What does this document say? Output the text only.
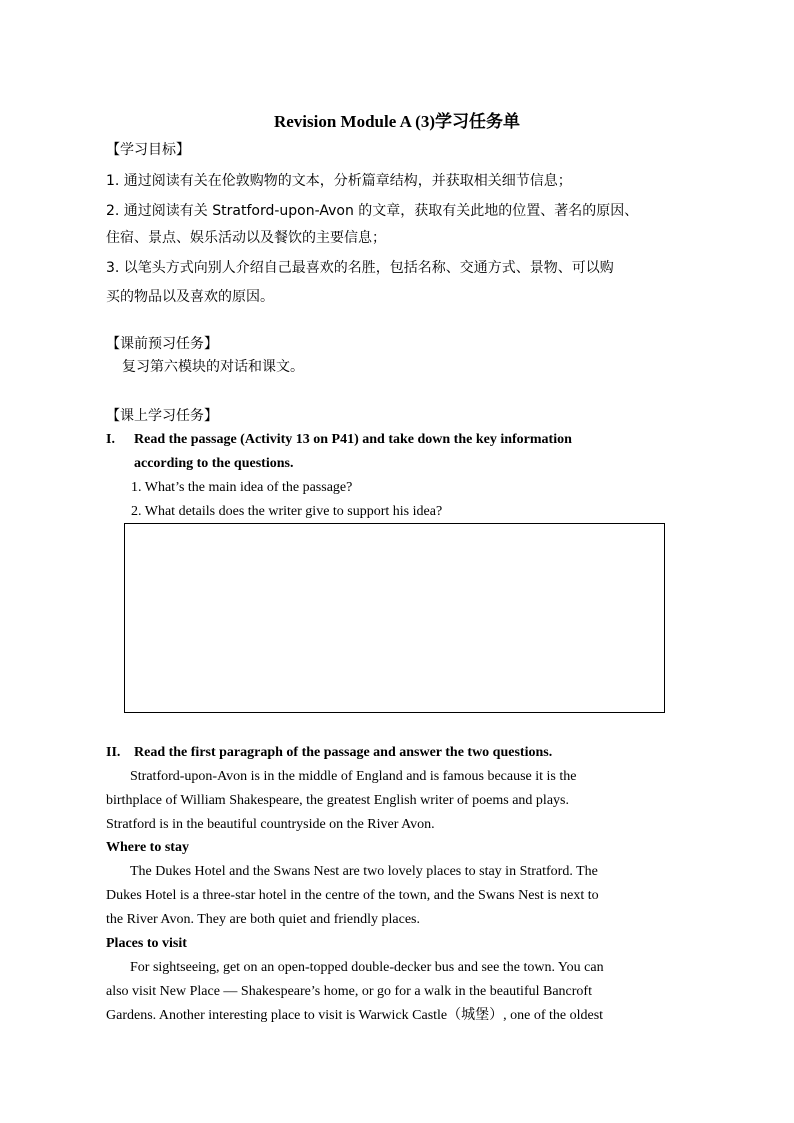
Revision Module A (3)学习任务单
【学习目标】
1. 通过阅读有关在伦敦购物的文本，分析篇章结构，并获取相关细节信息；
2. 通过阅读有关 Stratford-upon-Avon 的文章，获取有关此地的位置、著名的原因、
住宿、景点、娱乐活动以及餐饮的主要信息；
3. 以笔头方式向别人介绍自己最喜欢的名胜，包括名称、交通方式、景物、可以购
买的物品以及喜欢的原因。
【课前预习任务】
复习第六模块的对话和课文。
【课上学习任务】
I. Read the passage (Activity 13 on P41) and take down the key information
according to the questions.
1. What’s the main idea of the passage?
2. What details does the writer give to support his idea?
II. Read the first paragraph of the passage and answer the two questions.
Stratford-upon-Avon is in the middle of England and is famous because it is the
birthplace of William Shakespeare, the greatest English writer of poems and plays.
Stratford is in the beautiful countryside on the River Avon.
Where to stay
The Dukes Hotel and the Swans Nest are two lovely places to stay in Stratford. The
Dukes Hotel is a three-star hotel in the centre of the town, and the Swans Nest is next to
the River Avon. They are both quiet and friendly places.
Places to visit
For sightseeing, get on an open-topped double-decker bus and see the town. You can
also visit New Place — Shakespeare’s home, or go for a walk in the beautiful Bancroft
Gardens. Another interesting place to visit is Warwick Castle（城堡）, one of the oldest
